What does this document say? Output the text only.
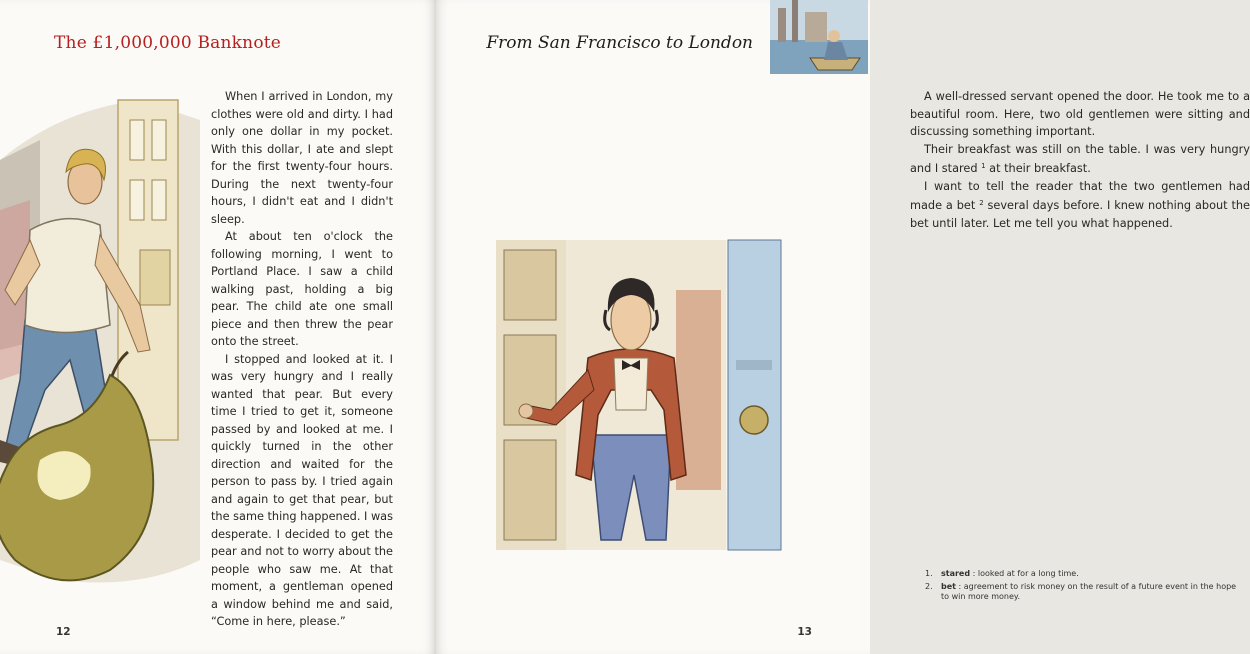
The £1,000,000 Banknote

When I arrived in London, my clothes were old and dirty. I had only one dollar in my pocket. With this dollar, I ate and slept for the first twenty-four hours. During the next twenty-four hours, I didn't eat and I didn't sleep.

At about ten o'clock the following morning, I went to Portland Place. I saw a child walking past, holding a big pear. The child ate one small piece and then threw the pear onto the street.

I stopped and looked at it. I was very hungry and I really wanted that pear. But every time I tried to get it, someone passed by and looked at me. I quickly turned in the other direction and waited for the person to pass by. I tried again and again to get that pear, but the same thing happened. I was desperate. I decided to get the pear and not to worry about the people who saw me. At that moment, a gentleman opened a window behind me and said, “Come in here, please.”

12
From San Francisco to London

A well-dressed servant opened the door. He took me to a beautiful room. Here, two old gentlemen were sitting and discussing something important.

Their breakfast was still on the table. I was very hungry and I stared $^1$ at their breakfast.

I want to tell the reader that the two gentlemen had made a bet $^2$ several days before. I knew nothing about the bet until later. Let me tell you what happened.

1.	stared : looked at for a long time.
2.	bet : agreement to risk money on the result of a future event in the hope to win more money.
13
